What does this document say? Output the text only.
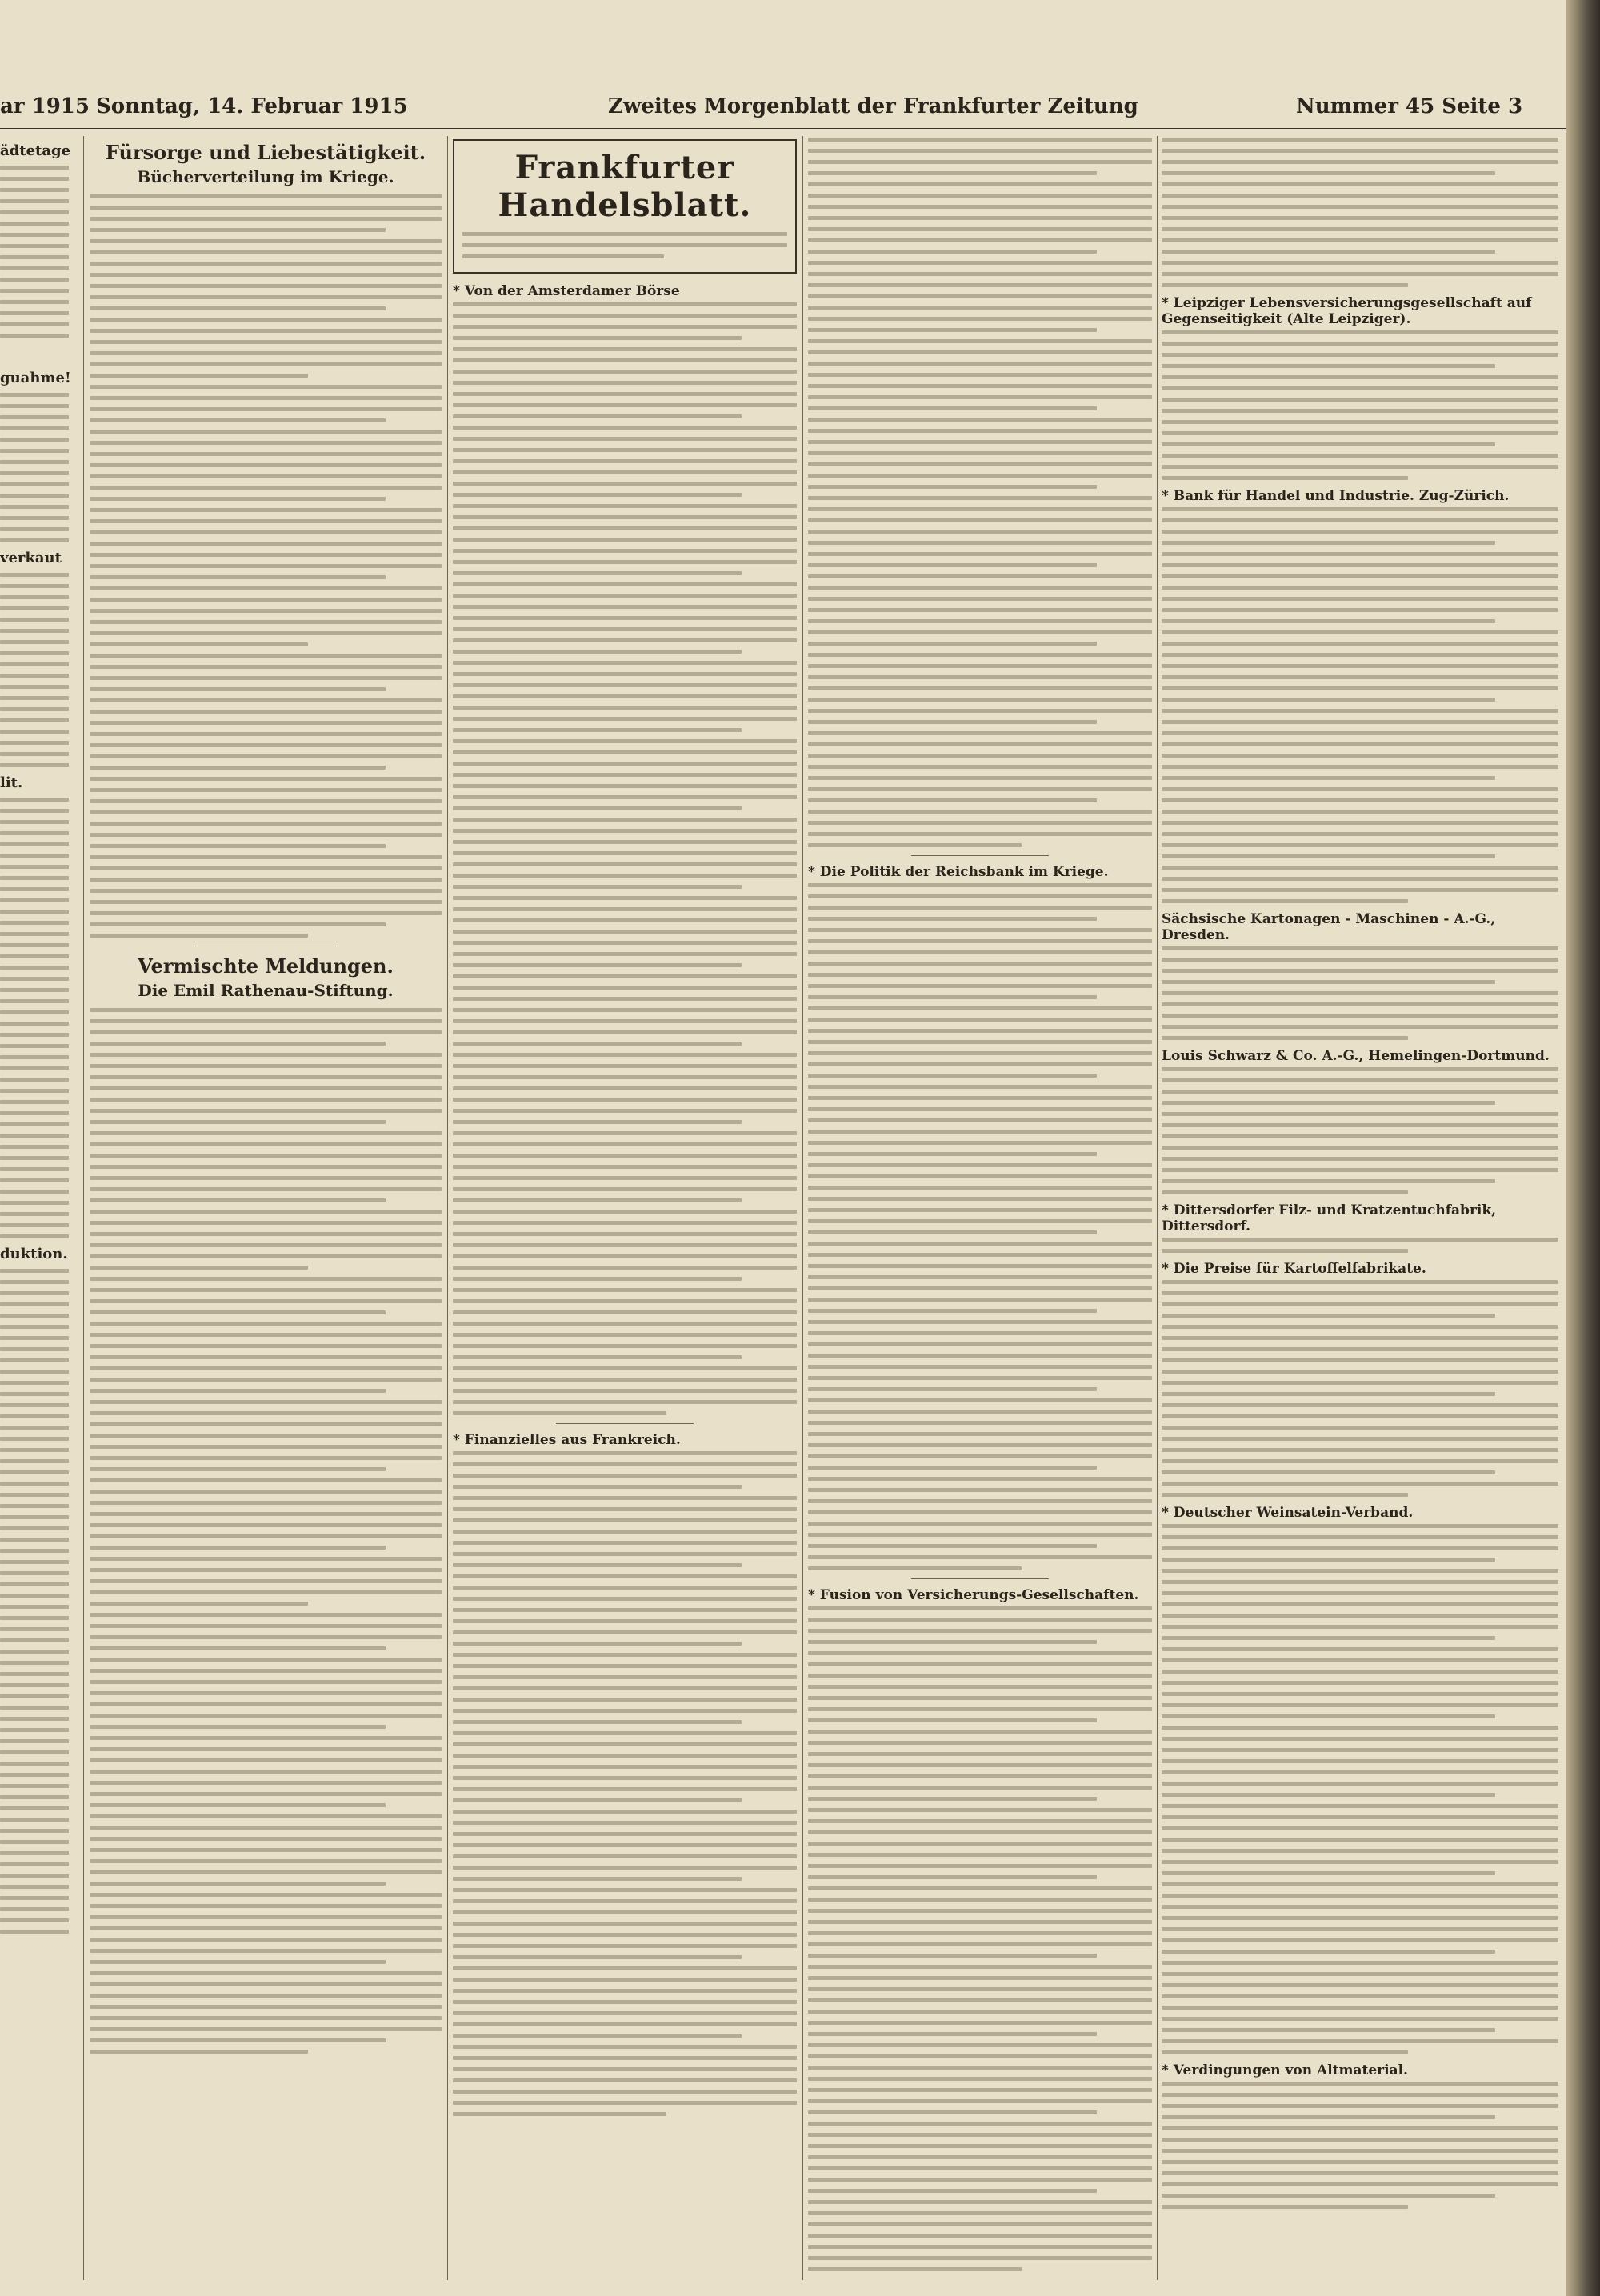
ar 1915 Sonntag, 14. Februar 1915	Zweites Morgenblatt der Frankfurter Zeitung	Nummer 45 Seite 3
ädtetage
guahme!
verkaut
lit.
duktion.
Fürsorge und Liebestätigkeit.
Bücherverteilung im Kriege.
Vermischte Meldungen.
Die Emil Rathenau-Stiftung.
Frankfurter Handelsblatt.
* Von der Amsterdamer Börse
* Finanzielles aus Frankreich.
* Die Politik der Reichsbank im Kriege.
* Fusion von Versicherungs-Gesellschaften.
* Leipziger Lebensversicherungsgesellschaft auf Gegenseitigkeit (Alte Leipziger).
* Bank für Handel und Industrie. Zug-Zürich.
Sächsische Kartonagen - Maschinen - A.-G., Dresden.
Louis Schwarz & Co. A.-G., Hemelingen-Dortmund.
* Dittersdorfer Filz- und Kratzentuchfabrik, Dittersdorf.
* Die Preise für Kartoffelfabrikate.
* Deutscher Weinsatein-Verband.
* Verdingungen von Altmaterial.
